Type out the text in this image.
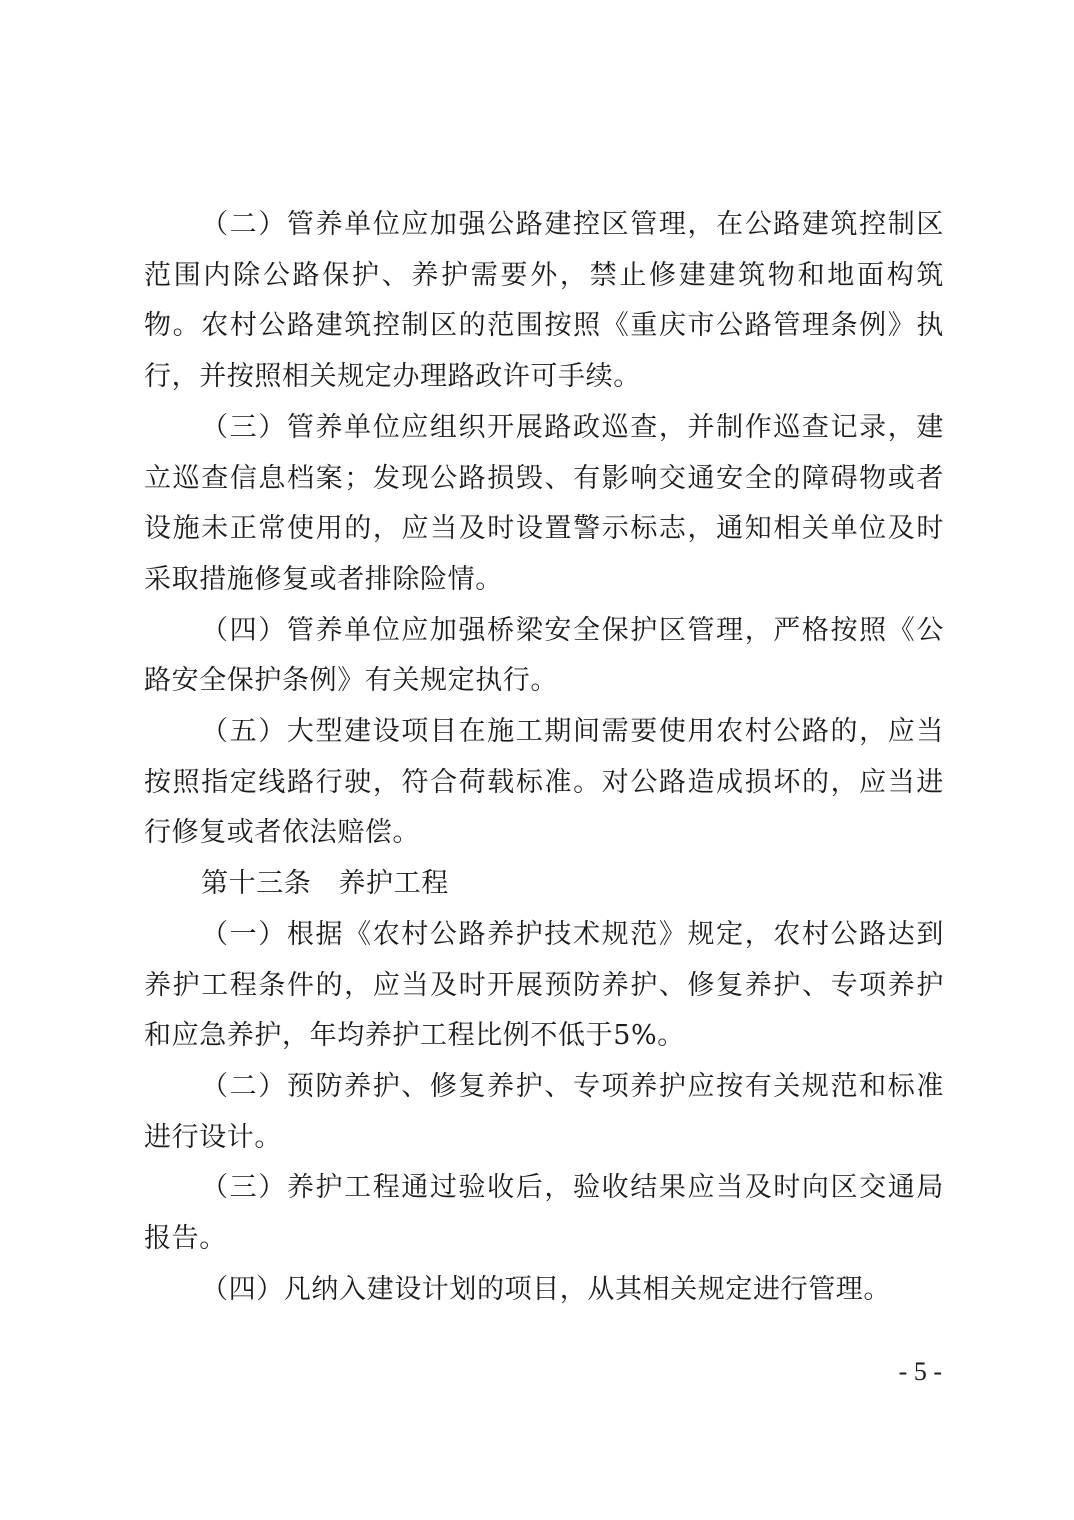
（二）管养单位应加强公路建控区管理，在公路建筑控制区范围内除公路保护、养护需要外，禁止修建建筑物和地面构筑物。农村公路建筑控制区的范围按照《重庆市公路管理条例》执行，并按照相关规定办理路政许可手续。

（三）管养单位应组织开展路政巡查，并制作巡查记录，建立巡查信息档案；发现公路损毁、有影响交通安全的障碍物或者设施未正常使用的，应当及时设置警示标志，通知相关单位及时采取措施修复或者排除险情。

（四）管养单位应加强桥梁安全保护区管理，严格按照《公路安全保护条例》有关规定执行。

（五）大型建设项目在施工期间需要使用农村公路的，应当按照指定线路行驶，符合荷载标准。对公路造成损坏的，应当进行修复或者依法赔偿。

第十三条 养护工程

（一）根据《农村公路养护技术规范》规定，农村公路达到养护工程条件的，应当及时开展预防养护、修复养护、专项养护和应急养护，年均养护工程比例不低于5%。

（二）预防养护、修复养护、专项养护应按有关规范和标准进行设计。

（三）养护工程通过验收后，验收结果应当及时向区交通局报告。

（四）凡纳入建设计划的项目，从其相关规定进行管理。

- 5 -
